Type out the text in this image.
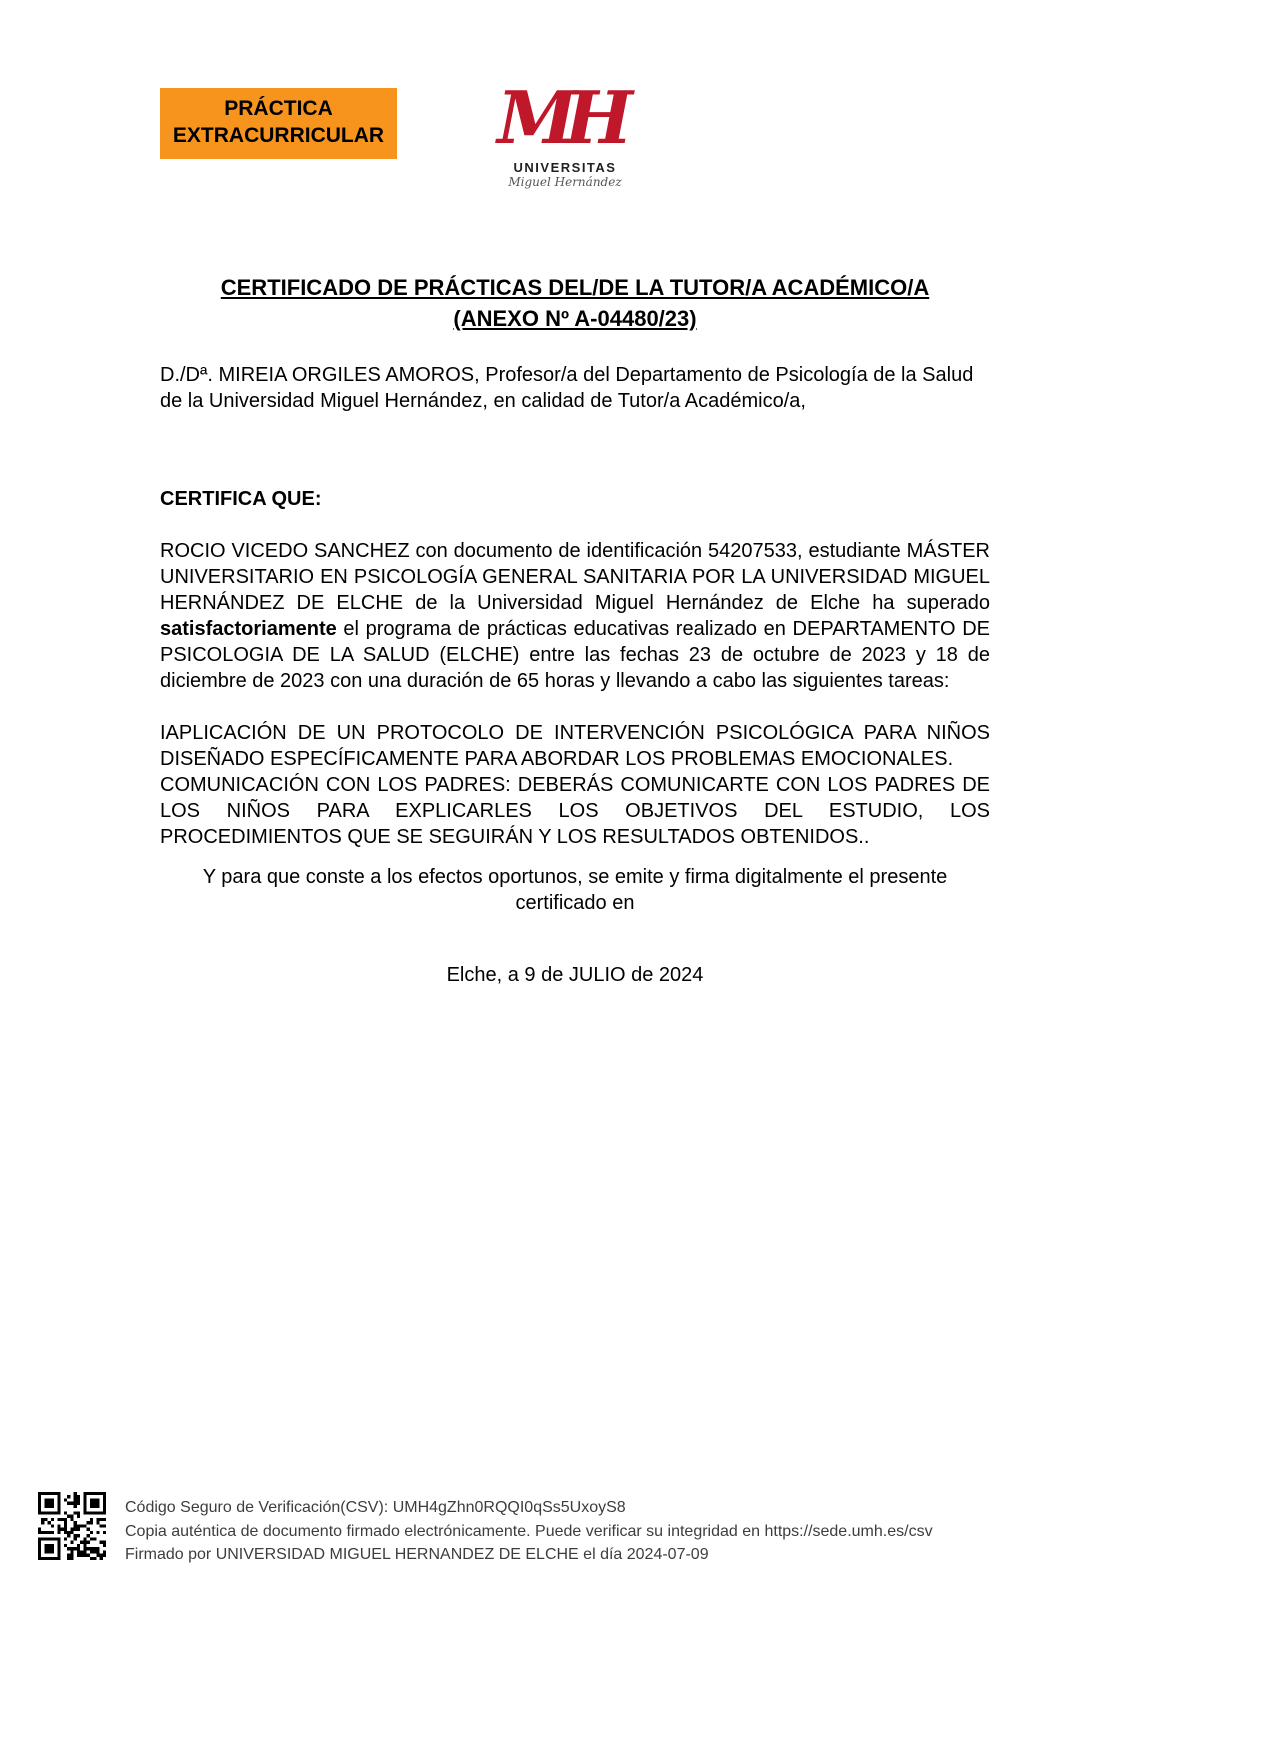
PRÁCTICA
EXTRACURRICULAR MH
UNIVERSITAS
Miguel Hernández
CERTIFICADO DE PRÁCTICAS DEL/DE LA TUTOR/A ACADÉMICO/A
(ANEXO Nº A-04480/23)

D./Dª. MIREIA ORGILES AMOROS, Profesor/a del Departamento de Psicología de la Salud de la Universidad Miguel Hernández, en calidad de Tutor/a Académico/a,

CERTIFICA QUE:

ROCIO VICEDO SANCHEZ con documento de identificación 54207533, estudiante MÁSTER UNIVERSITARIO EN PSICOLOGÍA GENERAL SANITARIA POR LA UNIVERSIDAD MIGUEL HERNÁNDEZ DE ELCHE de la Universidad Miguel Hernández de Elche ha superado satisfactoriamente el programa de prácticas educativas realizado en DEPARTAMENTO DE PSICOLOGIA DE LA SALUD (ELCHE) entre las fechas 23 de octubre de 2023 y 18 de diciembre de 2023 con una duración de 65 horas y llevando a cabo las siguientes tareas:

IAPLICACIÓN DE UN PROTOCOLO DE INTERVENCIÓN PSICOLÓGICA PARA NIÑOS DISEÑADO ESPECÍFICAMENTE PARA ABORDAR LOS PROBLEMAS EMOCIONALES.
COMUNICACIÓN CON LOS PADRES: DEBERÁS COMUNICARTE CON LOS PADRES DE LOS NIÑOS PARA EXPLICARLES LOS OBJETIVOS DEL ESTUDIO, LOS PROCEDIMIENTOS QUE SE SEGUIRÁN Y LOS RESULTADOS OBTENIDOS..

Y para que conste a los efectos oportunos, se emite y firma digitalmente el presente certificado en

Elche, a 9 de JULIO de 2024

Código Seguro de Verificación(CSV): UMH4gZhn0RQQI0qSs5UxoyS8
Copia auténtica de documento firmado electrónicamente. Puede verificar su integridad en https://sede.umh.es/csv
Firmado por UNIVERSIDAD MIGUEL HERNANDEZ DE ELCHE el día 2024-07-09
